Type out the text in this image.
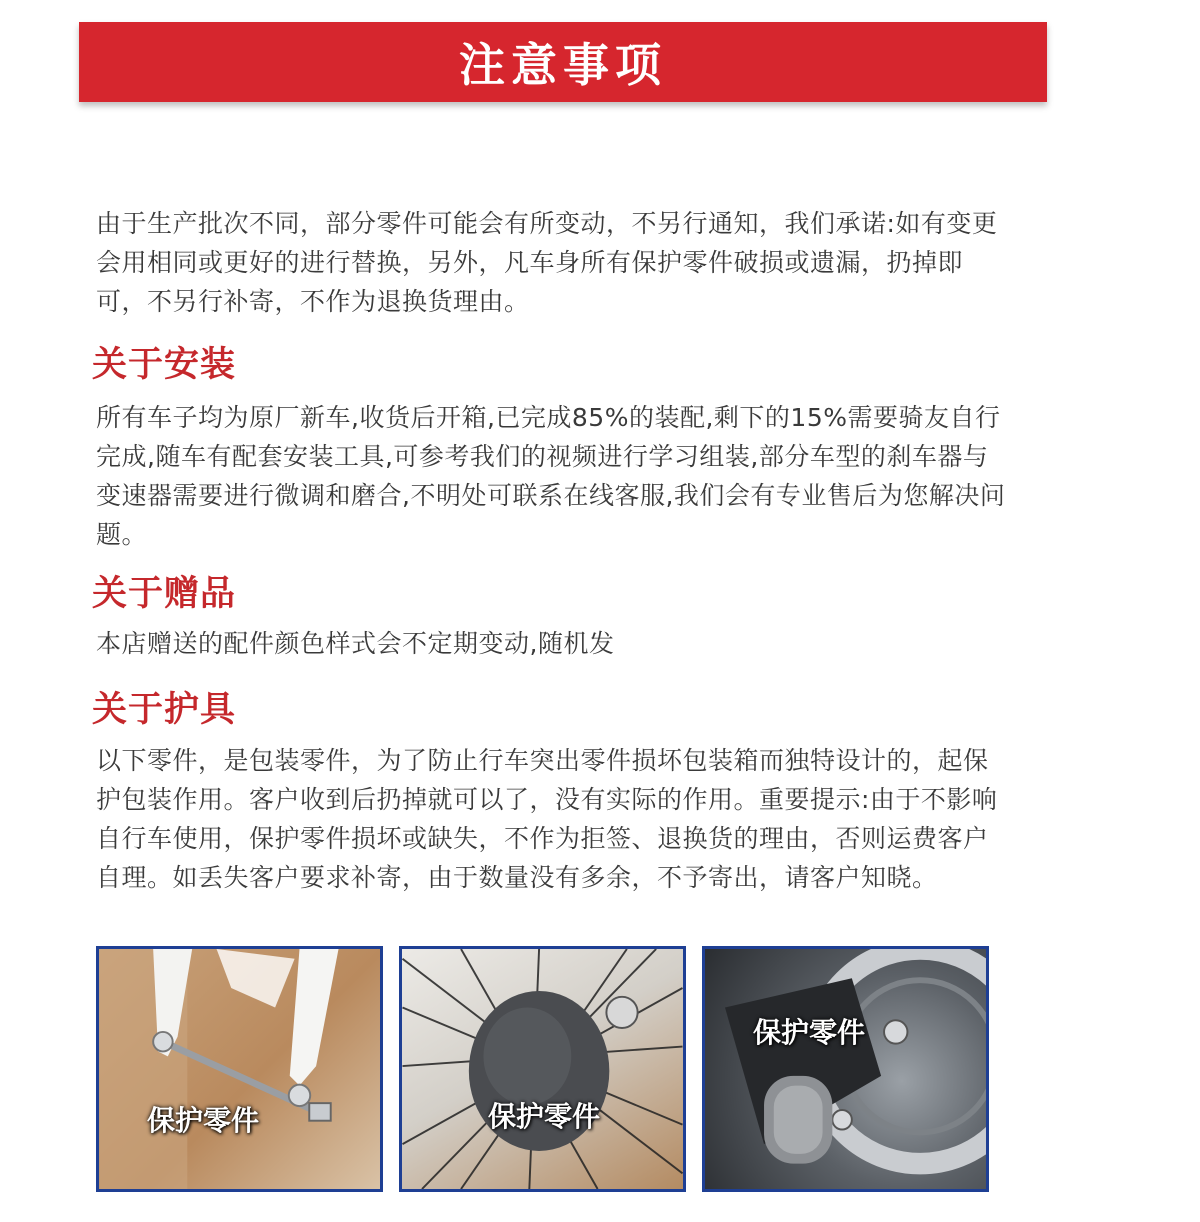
注意事项

由于生产批次不同，部分零件可能会有所变动，不另行通知，我们承诺:如有变更会用相同或更好的进行替换，另外，凡车身所有保护零件破损或遗漏，扔掉即可，不另行补寄，不作为退换货理由。

关于安装

所有车子均为原厂新车,收货后开箱,已完成85%的装配,剩下的15%需要骑友自行完成,随车有配套安装工具,可参考我们的视频进行学习组装,部分车型的刹车器与变速器需要进行微调和磨合,不明处可联系在线客服,我们会有专业售后为您解决问题。

关于赠品

本店赠送的配件颜色样式会不定期变动,随机发

关于护具

以下零件，是包装零件，为了防止行车突出零件损坏包装箱而独特设计的，起保护包装作用。客户收到后扔掉就可以了，没有实际的作用。重要提示:由于不影响自行车使用，保护零件损坏或缺失，不作为拒签、退换货的理由，否则运费客户自理。如丢失客户要求补寄，由于数量没有多余，不予寄出，请客户知晓。

保护零件	保护零件
保护零件
